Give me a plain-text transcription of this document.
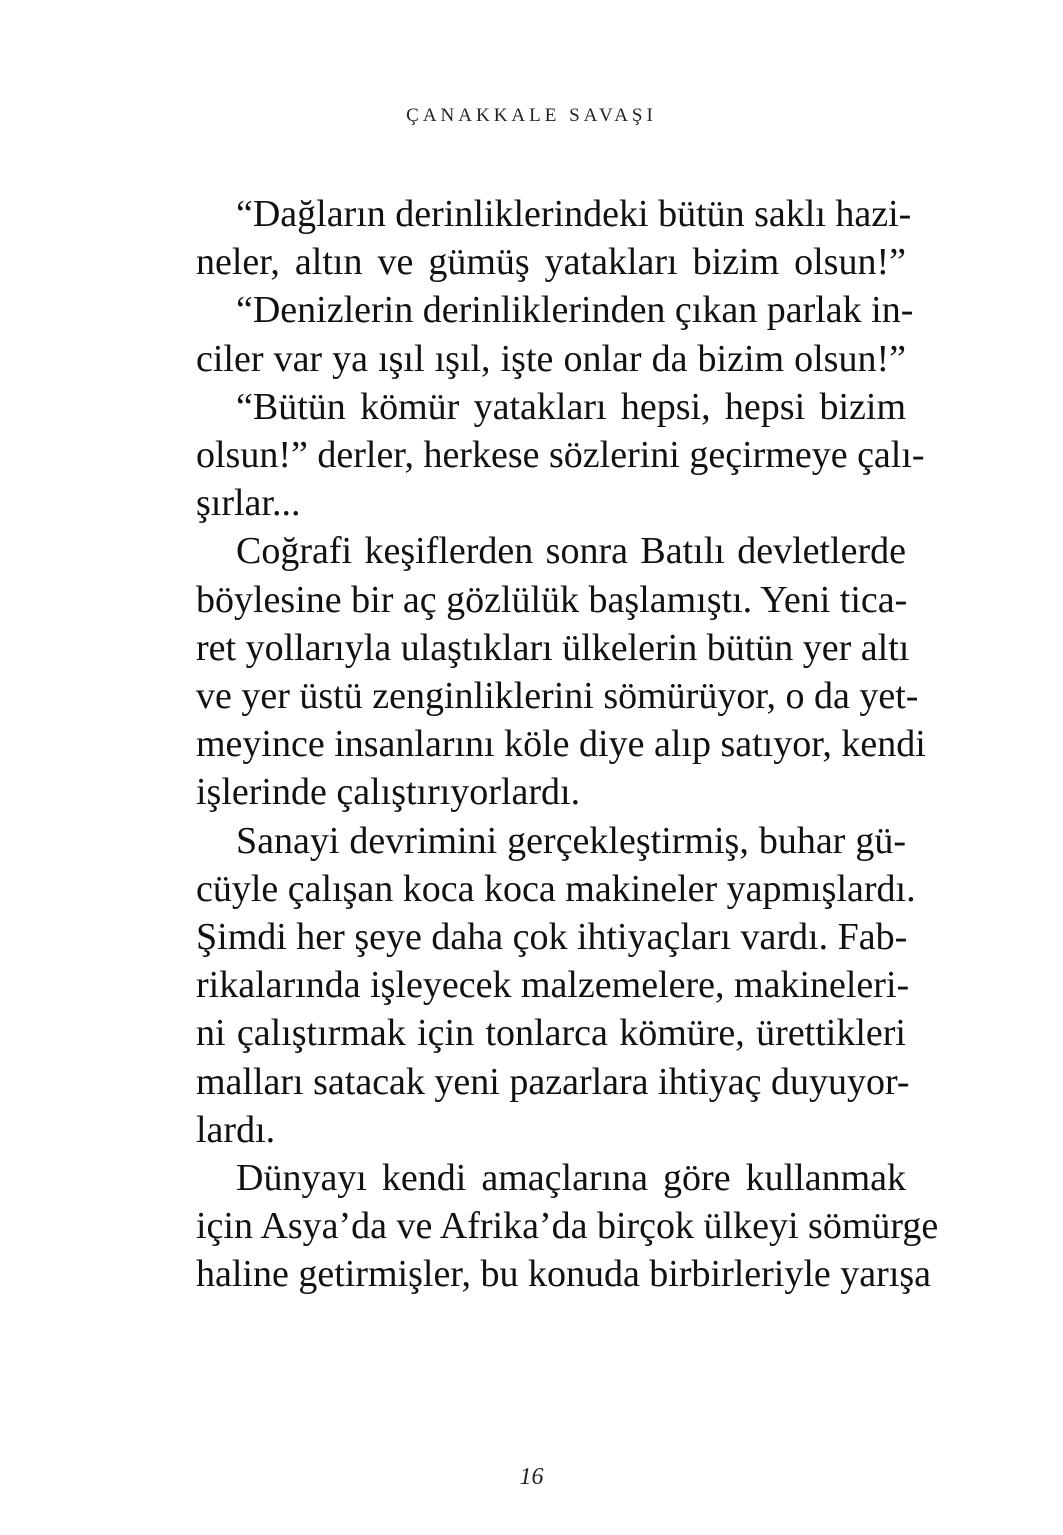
ÇANAKKALE SAVAŞI
“Dağların derinliklerindeki bütün saklı hazi-
neler, altın ve gümüş yatakları bizim olsun!”
“Denizlerin derinliklerinden çıkan parlak in-
ciler var ya ışıl ışıl, işte onlar da bizim olsun!”
“Bütün kömür yatakları hepsi, hepsi bizim
olsun!” derler, herkese sözlerini geçirmeye çalı-
şırlar...
Coğrafi keşiflerden sonra Batılı devletlerde
böylesine bir aç gözlülük başlamıştı. Yeni tica-
ret yollarıyla ulaştıkları ülkelerin bütün yer altı
ve yer üstü zenginliklerini sömürüyor, o da yet-
meyince insanlarını köle diye alıp satıyor, kendi
işlerinde çalıştırıyorlardı.
Sanayi devrimini gerçekleştirmiş, buhar gü-
cüyle çalışan koca koca makineler yapmışlardı.
Şimdi her şeye daha çok ihtiyaçları vardı. Fab-
rikalarında işleyecek malzemelere, makineleri-
ni çalıştırmak için tonlarca kömüre, ürettikleri
malları satacak yeni pazarlara ihtiyaç duyuyor-
lardı.
Dünyayı kendi amaçlarına göre kullanmak
için Asya’da ve Afrika’da birçok ülkeyi sömürge
haline getirmişler, bu konuda birbirleriyle yarışa
16
